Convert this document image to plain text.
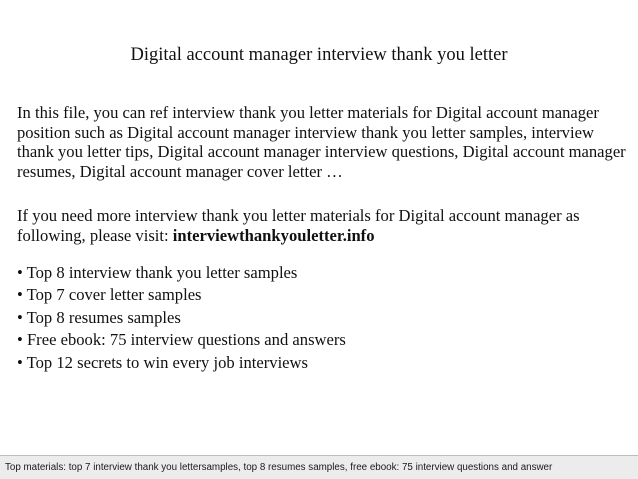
Digital account manager interview thank you letter

In this file, you can ref interview thank you letter materials for Digital account manager position such as Digital account manager interview thank you letter samples, interview thank you letter tips, Digital account manager interview questions, Digital account manager resumes, Digital account manager cover letter …

If you need more interview thank you letter materials for Digital account manager as following, please visit: interviewthankyouletter.info

• Top 8 interview thank you letter samples
• Top 7 cover letter samples
• Top 8 resumes samples
• Free ebook: 75 interview questions and answers
• Top 12 secrets to win every job interviews
Top materials: top 7 interview thank you lettersamples, top 8 resumes samples, free ebook: 75 interview questions and answer
